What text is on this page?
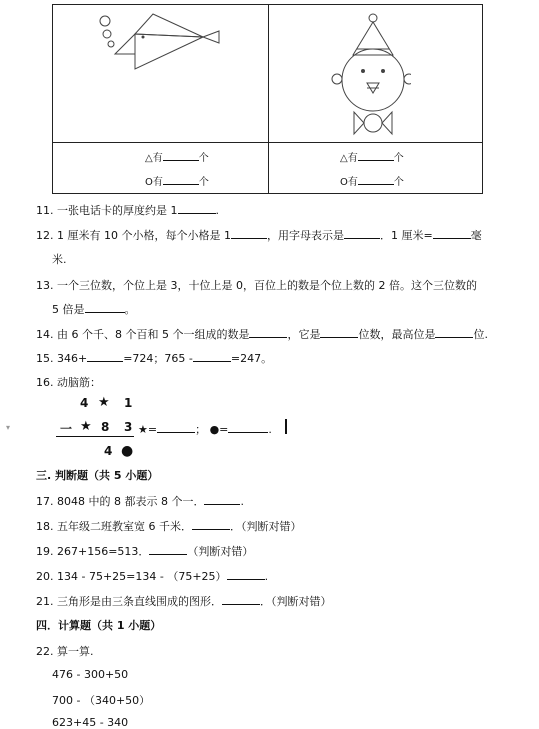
△有	个
O有	个
△有	个
O有	个
11. 一张电话卡的厚度约是 1	.
12. 1 厘米有 10 个小格，每个小格是 1	，用字母表示是	．1 厘米=	毫
米.
13. 一个三位数，个位上是 3，十位上是 0，百位上的数是个位上数的 2 倍。这个三位数的
5 倍是	。
14. 由 6 个千、8 个百和 5 个一组成的数是	，它是	位数，最高位是	位.
15. 346+	=724；765 -	=247。
16. 动脑筋：
4 ★ 1
一 ★ 8 3 ★=	； ●=	.
4 ●
三. 判断题（共 5 小题）
17. 8048 中的 8 都表示 8 个一．	.
18. 五年级二班教室宽 6 千米．	．（判断对错）
19. 267+156=513．	（判断对错）
20. 134 - 75+25=134 - （75+25）	.
21. 三角形是由三条直线围成的图形．	．（判断对错）
四．计算题（共 1 小题）
22. 算一算.
476 - 300+50
700 - （340+50）
623+45 - 340
▾
